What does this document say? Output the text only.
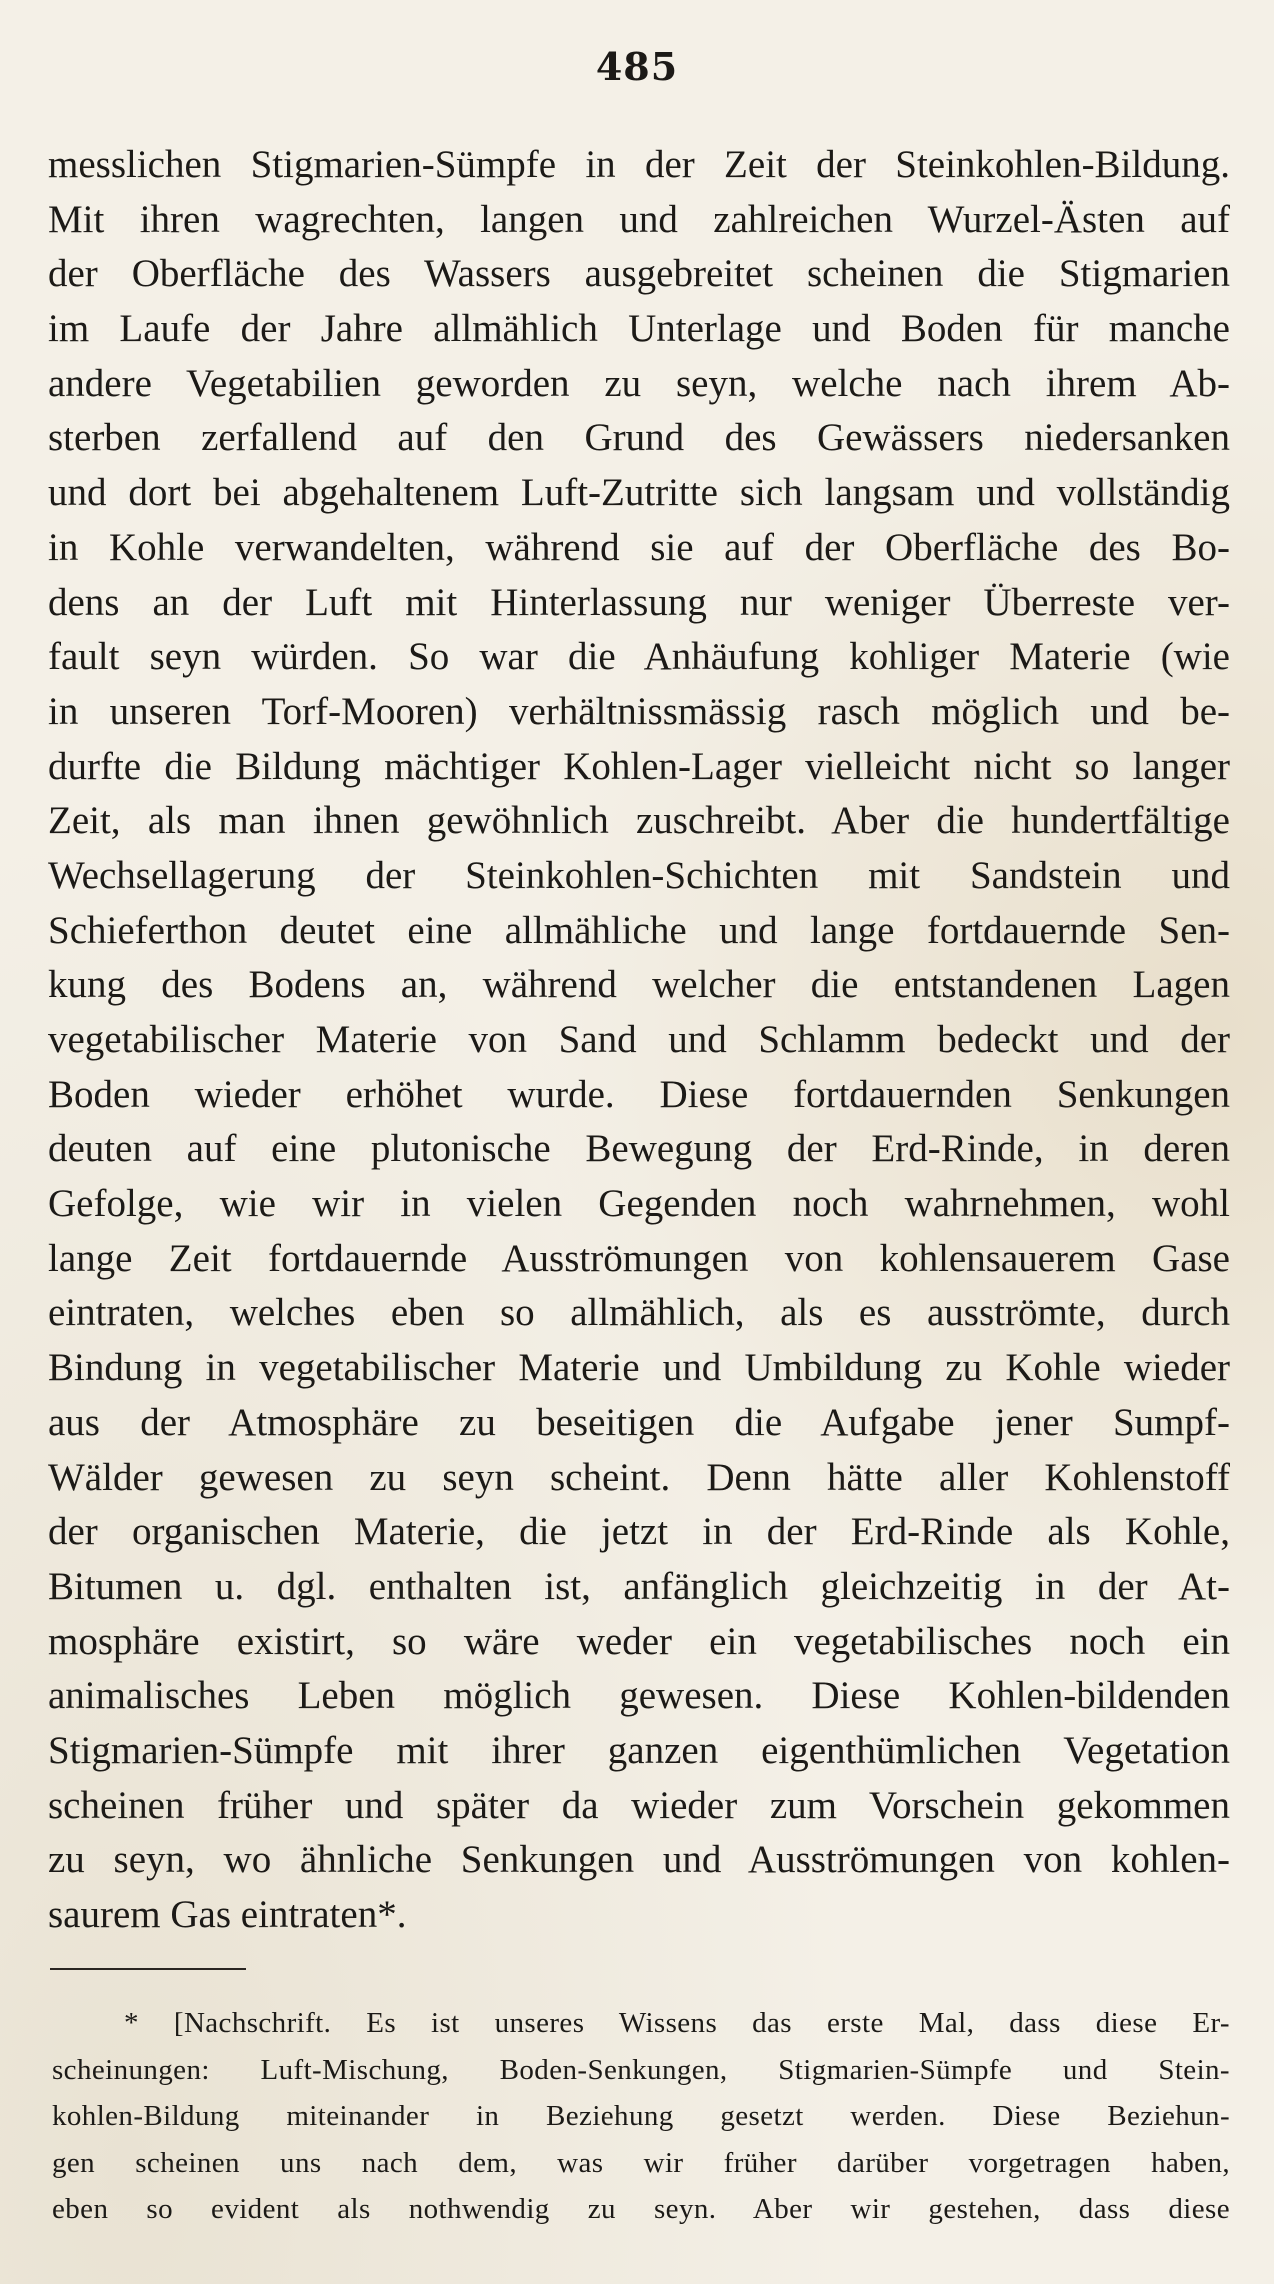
485
messlichen Stigmarien-Sümpfe in der Zeit der Steinkohlen-Bildung.
Mit ihren wagrechten, langen und zahlreichen Wurzel-Ästen auf
der Oberfläche des Wassers ausgebreitet scheinen die Stigmarien
im Laufe der Jahre allmählich Unterlage und Boden für manche
andere Vegetabilien geworden zu seyn, welche nach ihrem Ab-
sterben zerfallend auf den Grund des Gewässers niedersanken
und dort bei abgehaltenem Luft-Zutritte sich langsam und vollständig
in Kohle verwandelten, während sie auf der Oberfläche des Bo-
dens an der Luft mit Hinterlassung nur weniger Überreste ver-
fault seyn würden. So war die Anhäufung kohliger Materie (wie
in unseren Torf-Mooren) verhältnissmässig rasch möglich und be-
durfte die Bildung mächtiger Kohlen-Lager vielleicht nicht so langer
Zeit, als man ihnen gewöhnlich zuschreibt. Aber die hundertfältige
Wechsellagerung der Steinkohlen-Schichten mit Sandstein und
Schieferthon deutet eine allmähliche und lange fortdauernde Sen-
kung des Bodens an, während welcher die entstandenen Lagen
vegetabilischer Materie von Sand und Schlamm bedeckt und der
Boden wieder erhöhet wurde. Diese fortdauernden Senkungen
deuten auf eine plutonische Bewegung der Erd-Rinde, in deren
Gefolge, wie wir in vielen Gegenden noch wahrnehmen, wohl
lange Zeit fortdauernde Ausströmungen von kohlensauerem Gase
eintraten, welches eben so allmählich, als es ausströmte, durch
Bindung in vegetabilischer Materie und Umbildung zu Kohle wieder
aus der Atmosphäre zu beseitigen die Aufgabe jener Sumpf-
Wälder gewesen zu seyn scheint. Denn hätte aller Kohlenstoff
der organischen Materie, die jetzt in der Erd-Rinde als Kohle,
Bitumen u. dgl. enthalten ist, anfänglich gleichzeitig in der At-
mosphäre existirt, so wäre weder ein vegetabilisches noch ein
animalisches Leben möglich gewesen. Diese Kohlen-bildenden
Stigmarien-Sümpfe mit ihrer ganzen eigenthümlichen Vegetation
scheinen früher und später da wieder zum Vorschein gekommen
zu seyn, wo ähnliche Senkungen und Ausströmungen von kohlen-
saurem Gas eintraten*.
* [Nachschrift. Es ist unseres Wissens das erste Mal, dass diese Er-
scheinungen: Luft-Mischung, Boden-Senkungen, Stigmarien-Sümpfe und Stein-
kohlen-Bildung miteinander in Beziehung gesetzt werden. Diese Beziehun-
gen scheinen uns nach dem, was wir früher darüber vorgetragen haben,
eben so evident als nothwendig zu seyn. Aber wir gestehen, dass diese
